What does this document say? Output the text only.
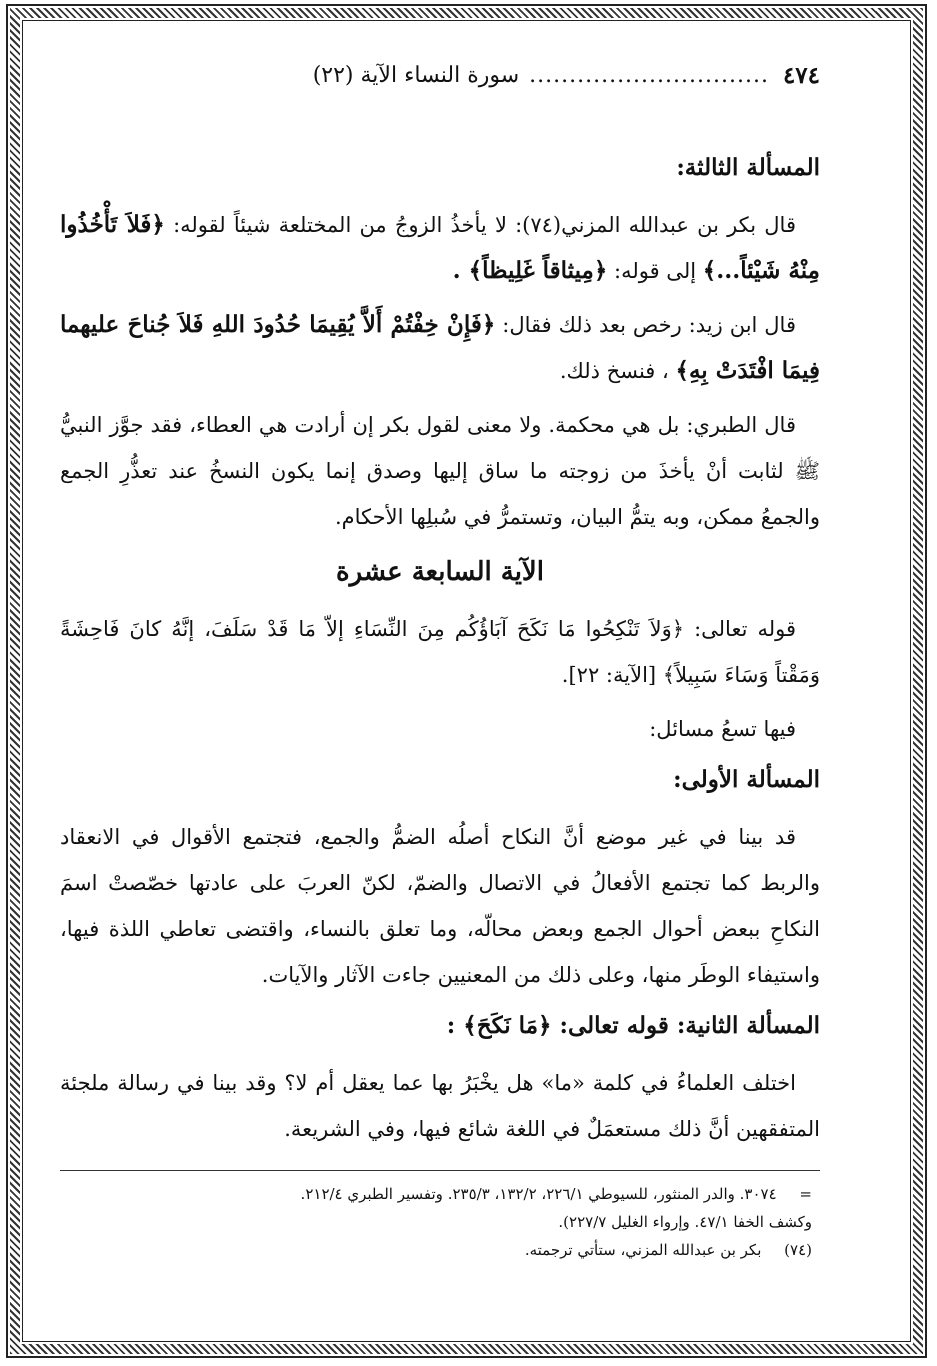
٤٧٤
..............................
سورة النساء الآية (٢٢)
المسألة الثالثة:

قال بكر بن عبدالله المزني(٧٤): لا يأخذُ الزوجُ من المختلعة شيئاً لقوله: ﴿فَلاَ تَأْخُذُوا مِنْهُ شَيْئاً...﴾ إلى قوله: ﴿مِيثاقاً غَلِيظاً﴾ .

قال ابن زيد: رخص بعد ذلك فقال: ﴿فَإِنْ خِفْتُمْ أَلاَّ يُقِيمَا حُدُودَ اللهِ فَلاَ جُناحَ عليهما فِيمَا افْتَدَتْ بِهِ﴾ ، فنسخ ذلك.

قال الطبري: بل هي محكمة. ولا معنى لقول بكر إن أرادت هي العطاء، فقد جوَّز النبيُّ ﷺ لثابت أنْ يأخذَ من زوجته ما ساق إليها وصدق إنما يكون النسخُ عند تعذُّرِ الجمع والجمعُ ممكن، وبه يتمُّ البيان، وتستمرُّ في سُبلِها الأحكام.

الآية السابعة عشرة

قوله تعالى: ﴿وَلاَ تَنْكِحُوا مَا نَكَحَ آبَاؤُكُم مِنَ النِّسَاءِ إلاّ مَا قَدْ سَلَفَ، إنَّهُ كانَ فَاحِشَةً وَمَقْتاً وَسَاءَ سَبِيلاً﴾ [الآية: ٢٢].

فيها تسعُ مسائل:

المسألة الأولى:

قد بينا في غير موضع أنَّ النكاح أصلُه الضمُّ والجمع، فتجتمع الأقوال في الانعقاد والربط كما تجتمع الأفعالُ في الاتصال والضمّ، لكنّ العربَ على عادتها خصّصتْ اسمَ النكاحِ ببعض أحوال الجمع وبعض محالّه، وما تعلق بالنساء، واقتضى تعاطي اللذة فيها، واستيفاء الوطَر منها، وعلى ذلك من المعنيين جاءت الآثار والآيات.

المسألة الثانية: قوله تعالى: ﴿مَا نَكَحَ﴾ :

اختلف العلماءُ في كلمة «ما» هل يخْبَرُ بها عما يعقل أم لا؟ وقد بينا في رسالة ملجئة المتفقهين أنَّ ذلك مستعمَلٌ في اللغة شائع فيها، وفي الشريعة.

= ٣٠٧٤. والدر المنثور، للسيوطي ٢٢٦/١، ١٣٢/٢، ٢٣٥/٣. وتفسير الطبري ٢١٢/٤.
وكشف الخفا ٤٧/١. وإرواء الغليل ٢٢٧/٧).
(٧٤) بكر بن عبدالله المزني، ستأتي ترجمته.
